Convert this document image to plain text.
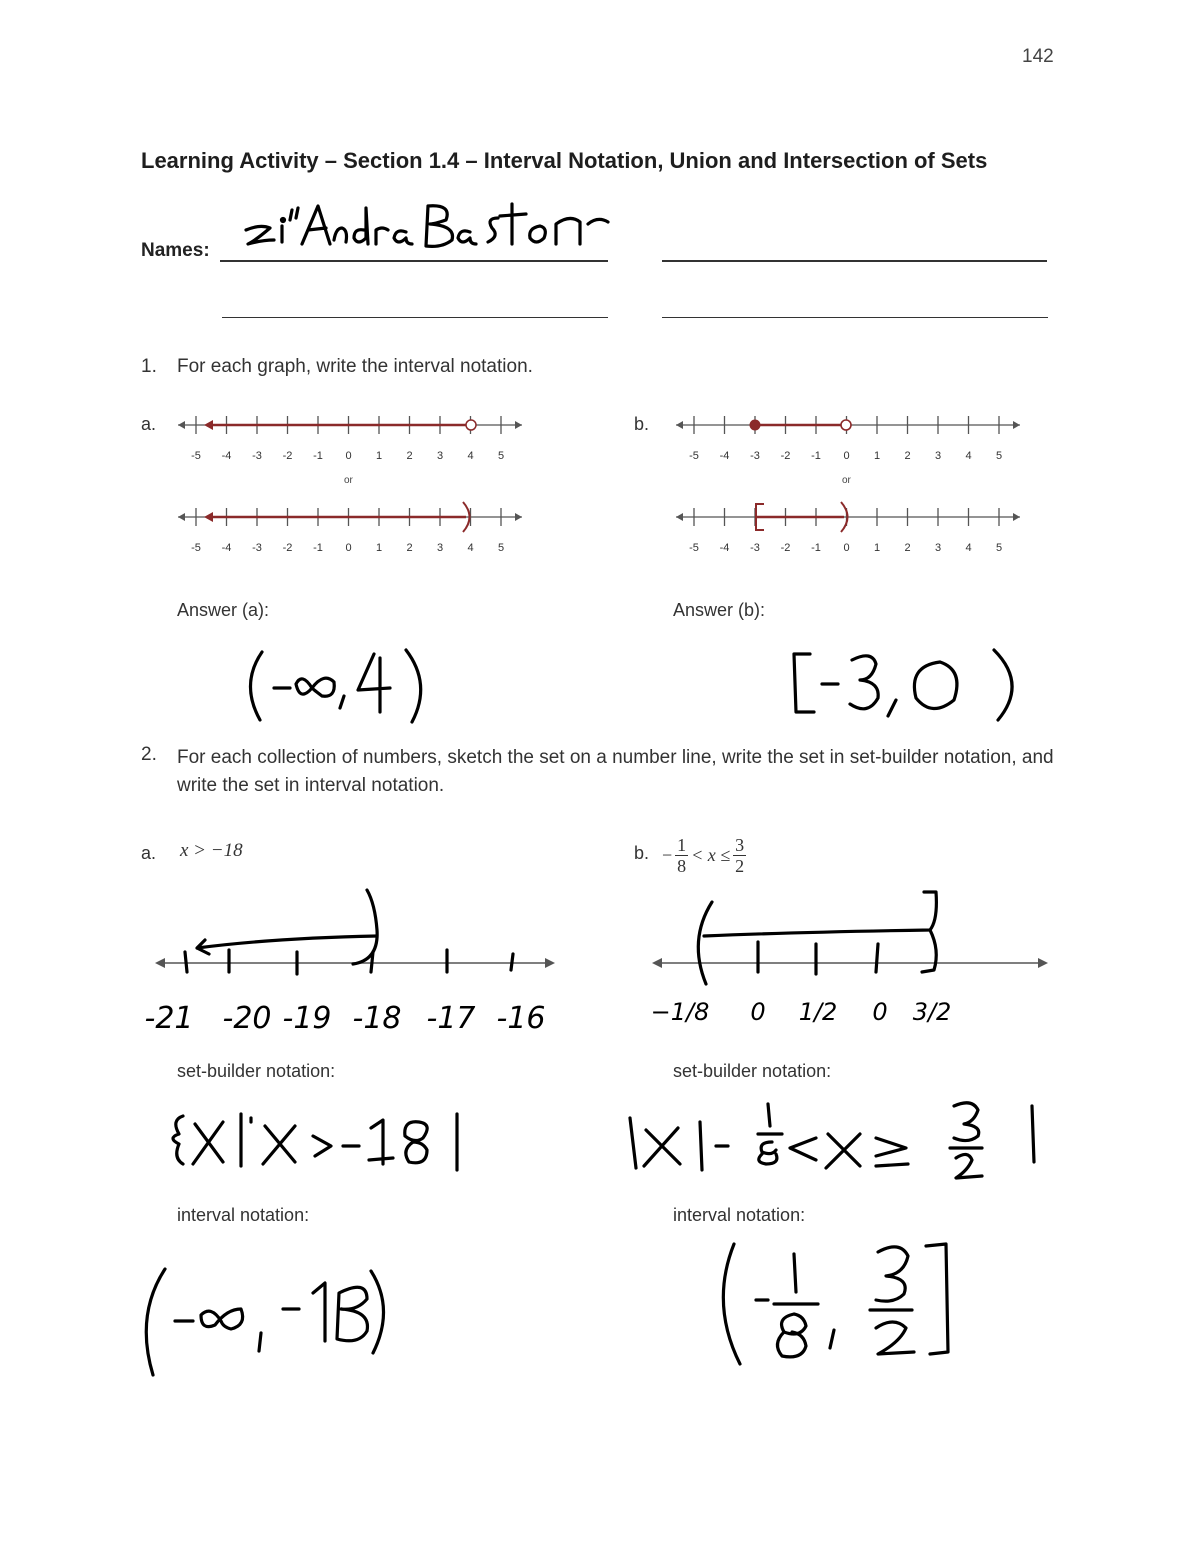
142
Learning Activity – Section 1.4 – Interval Notation, Union and Intersection of Sets
Names:
1. For each graph, write the interval notation.
a.	b.
-5 -4 -3 -2 -1 0 1 2 3 4 5
or
-5 -4 -3 -2 -1 0 1 2 3 4 5
-5 -4 -3 -2 -1 0 1 2 3 4 5
or
-5 -4 -3 -2 -1 0 1 2 3 4 5
Answer (a):	Answer (b):
2. For each collection of numbers, sketch the set on a number line, write the set in set-builder notation, and write the set in interval notation.
a. x > −18	b. − $\frac{1}{8} < x \le \frac{3}{2}$
-21 -20 -19 -18 -17 -16	−1/8 0 1/2 0 3/2
set-builder notation:	set-builder notation:
interval notation:	interval notation:
